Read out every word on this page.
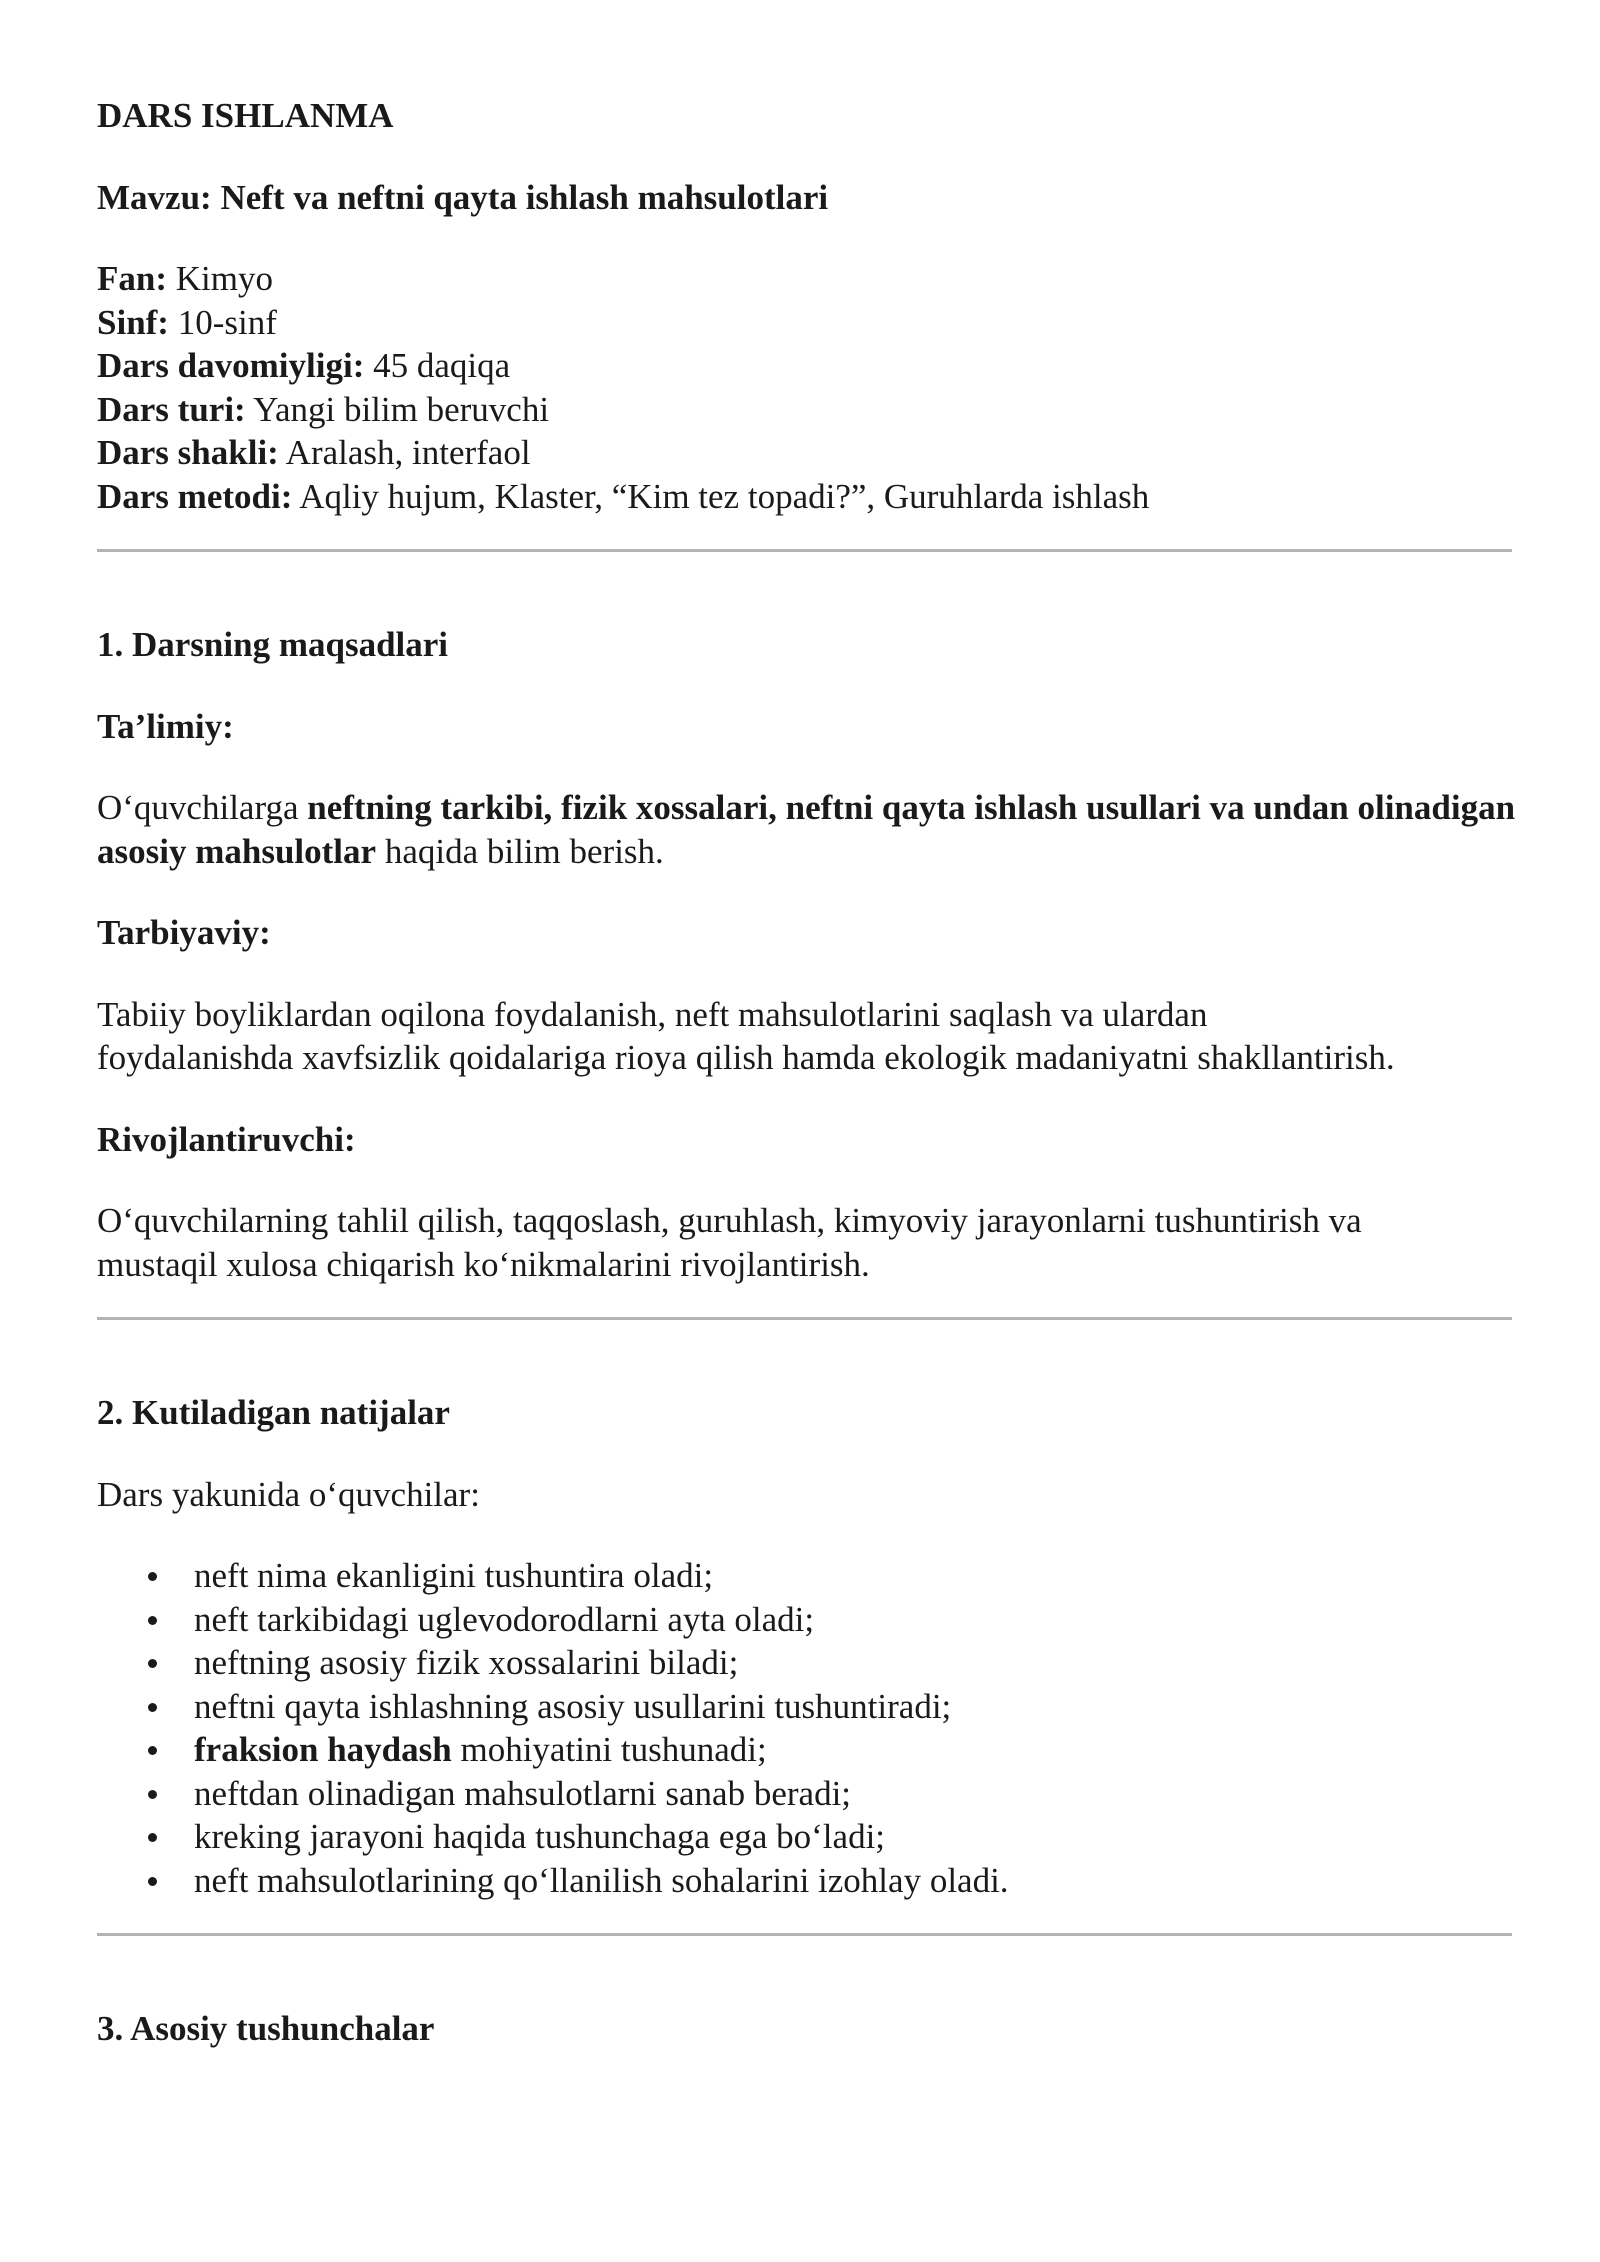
DARS ISHLANMA

Mavzu: Neft va neftni qayta ishlash mahsulotlari

Fan: Kimyo

Sinf: 10-sinf

Dars davomiyligi: 45 daqiqa

Dars turi: Yangi bilim beruvchi

Dars shakli: Aralash, interfaol

Dars metodi: Aqliy hujum, Klaster, “Kim tez topadi?”, Guruhlarda ishlash

1. Darsning maqsadlari

Ta’limiy:

O‘quvchilarga neftning tarkibi, fizik xossalari, neftni qayta ishlash usullari va undan olinadigan asosiy mahsulotlar haqida bilim berish.

Tarbiyaviy:

Tabiiy boyliklardan oqilona foydalanish, neft mahsulotlarini saqlash va ulardan
foydalanishda xavfsizlik qoidalariga rioya qilish hamda ekologik madaniyatni shakllantirish.

Rivojlantiruvchi:

O‘quvchilarning tahlil qilish, taqqoslash, guruhlash, kimyoviy jarayonlarni tushuntirish va
mustaqil xulosa chiqarish ko‘nikmalarini rivojlantirish.

2. Kutiladigan natijalar

Dars yakunida o‘quvchilar:

neft nima ekanligini tushuntira oladi;
neft tarkibidagi uglevodorodlarni ayta oladi;
neftning asosiy fizik xossalarini biladi;
neftni qayta ishlashning asosiy usullarini tushuntiradi;
fraksion haydash mohiyatini tushunadi;
neftdan olinadigan mahsulotlarni sanab beradi;
kreking jarayoni haqida tushunchaga ega bo‘ladi;
neft mahsulotlarining qo‘llanilish sohalarini izohlay oladi.

3. Asosiy tushunchalar
